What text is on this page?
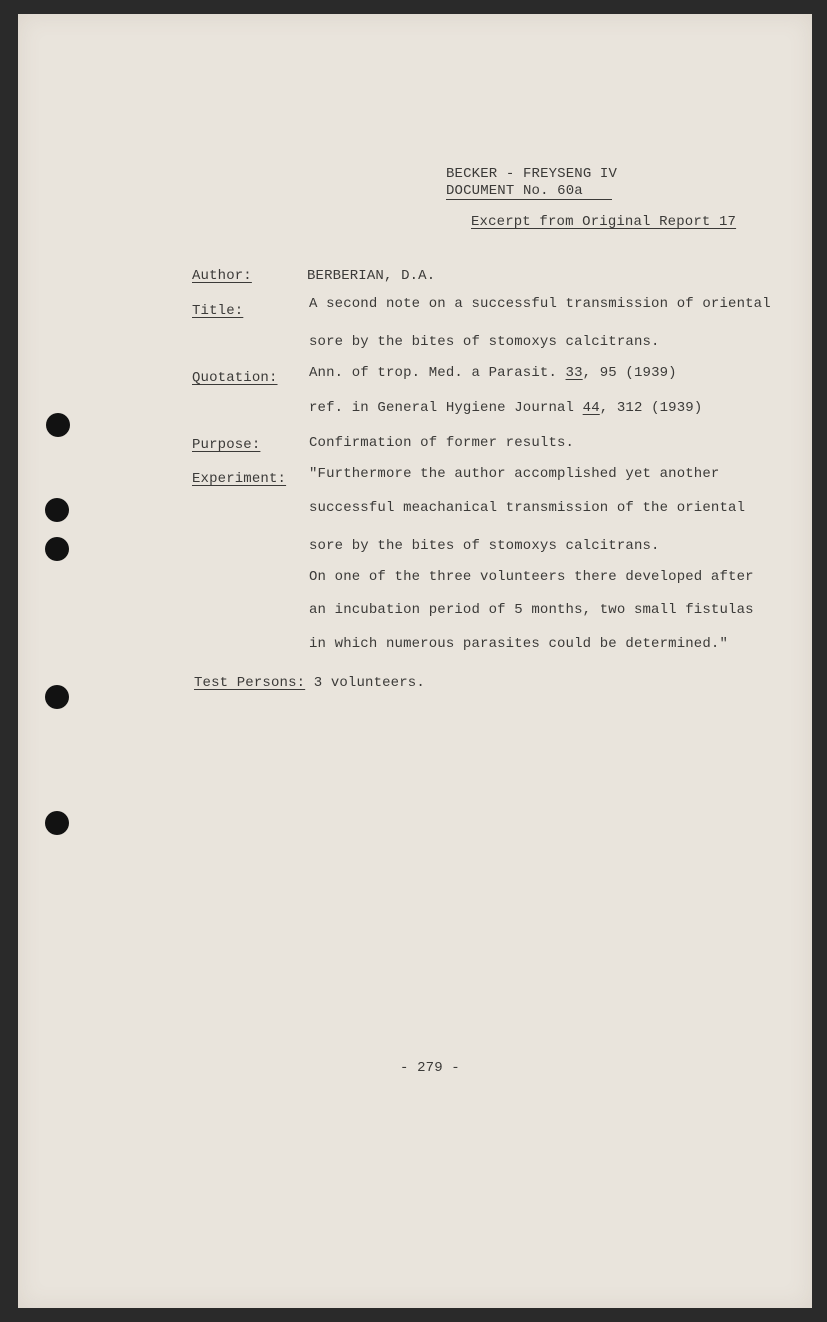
BECKER - FREYSENG IV
DOCUMENT No. 60a
Excerpt from Original Report 17
Author:	BERBERIAN, D.A.
Title:	A second note on a successful transmission of oriental
sore by the bites of stomoxys calcitrans.
Quotation: Ann. of trop. Med. a Parasit. 33, 95 (1939)
ref. in General Hygiene Journal 44, 312 (1939)
Purpose:	Confirmation of former results.
Experiment: "Furthermore the author accomplished yet another
successful meachanical transmission of the oriental
sore by the bites of stomoxys calcitrans.
On one of the three volunteers there developed after
an incubation period of 5 months, two small fistulas
in which numerous parasites could be determined."
Test Persons: 3 volunteers.
- 279 -
